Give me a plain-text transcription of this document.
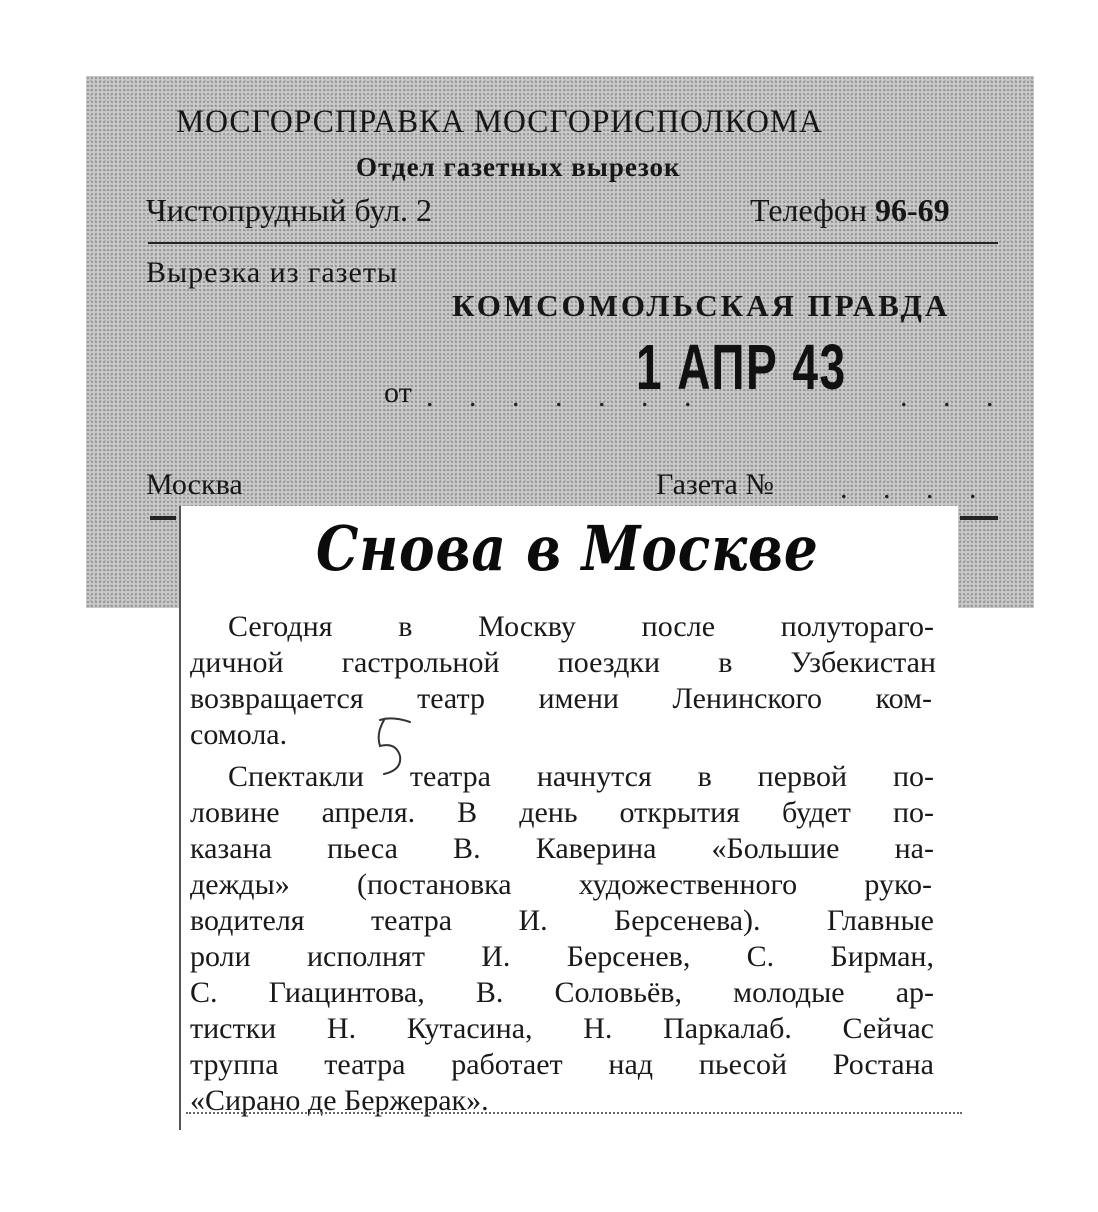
МОСГОРСПРАВКА МОСГОРИСПОЛКОМА
Отдел газетных вырезок
Чистопрудный бул. 2	Телефон 96-69
Вырезка из газеты
КОМСОМОЛЬСКАЯ ПРАВДА
от . . . . . . .	. . .
1 АПР 43
Москва	Газета № . . . .
Снова в Москве
Сегодня в Москву после полутораго-
дичной гастрольной поездки в Узбекистан
возвращается театр имени Ленинского ком-
сомола.
Спектакли театра начнутся в первой по-
ловине апреля. В день открытия будет по-
казана пьеса В. Каверина «Большие на-
дежды» (постановка художественного руко-
водителя театра И. Берсенева). Главные
роли исполнят И. Берсенев, С. Бирман,
С. Гиацинтова, В. Соловьёв, молодые ар-
тистки Н. Кутасина, Н. Паркалаб. Сейчас
труппа театра работает над пьесой Ростана
«Сирано де Бержерак».
